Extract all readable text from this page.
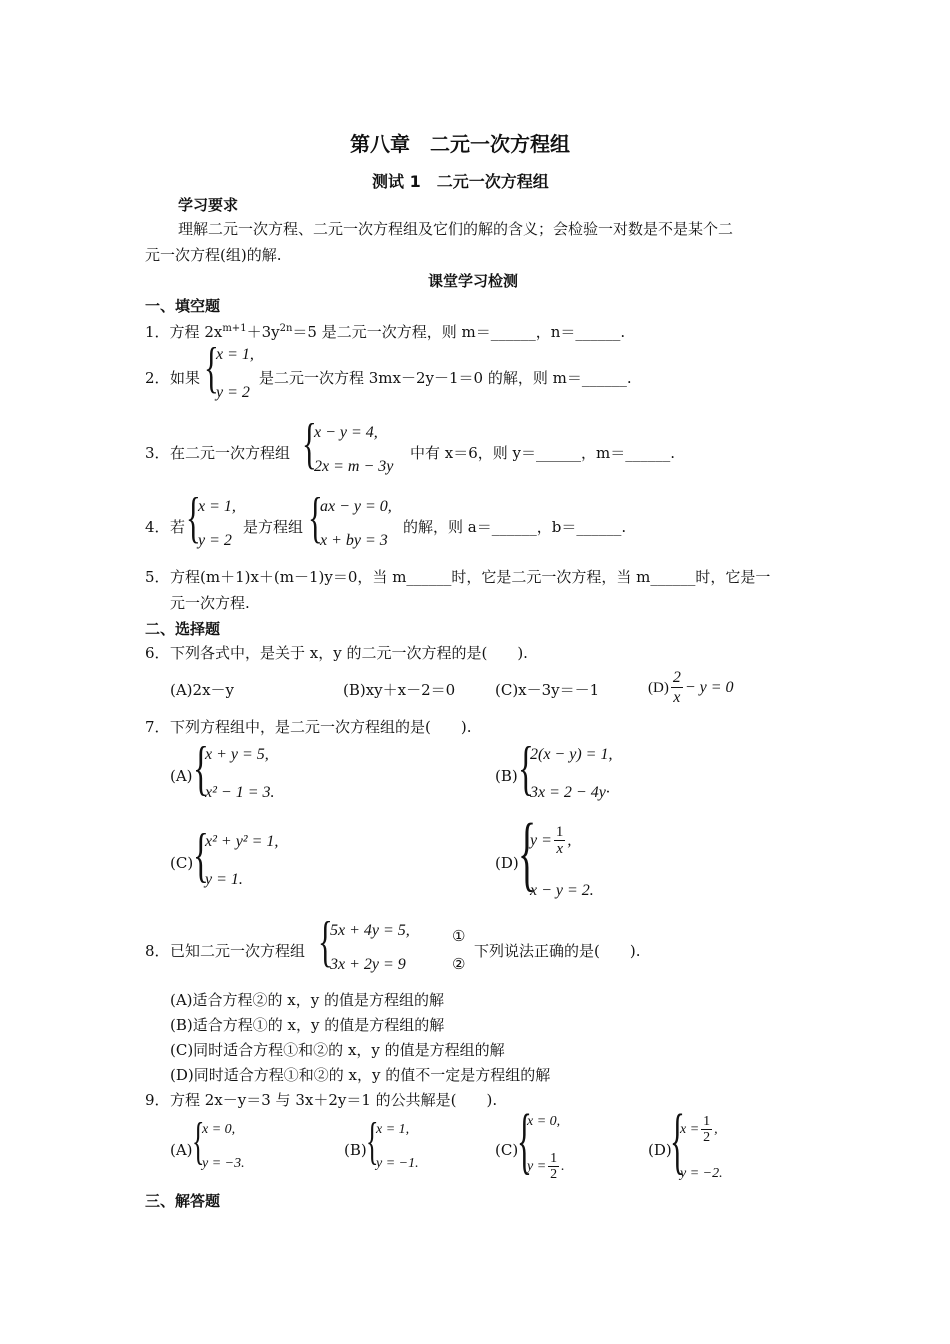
第八章　二元一次方程组
测试 1　二元一次方程组
学习要求
理解二元一次方程、二元一次方程组及它们的解的含义；会检验一对数是不是某个二
元一次方程(组)的解.
课堂学习检测
一、填空题
1．方程 $2x^{m+1}+3y^{2n}=5$ 是二元一次方程，则 m＝______，n＝______.
2． 如果 {
x = 1,
y = 2
是二元一次方程 3mx－2y－1＝0 的解，则 m＝______.
3． 在二元一次方程组 {
x − y = 4,
2x = m − 3y
中有 x＝6，则 y＝______，m＝______.
4． 若 {
x = 1,
y = 2
是方程组 {
ax − y = 0,
x + by = 3
的解，则 a＝______，b＝______.
5． 方程(m＋1)x＋(m－1)y＝0，当 m______时，它是二元一次方程，当 m______时，它是一
元一次方程.
二、选择题
6． 下列各式中，是关于 x，y 的二元一次方程的是(　　).
(A)2x－y	(B)xy＋x－2＝0	(C)x－3y＝－1	$(D) \frac{2}{x} - y = 0$
7． 下列方程组中，是二元一次方程组的是(　　).
(A) {
x + y = 5,
x² − 1 = 3.
(B) {
2(x − y) = 1,
3x = 2 − 4y·
(C) {
x² + y² = 1,
y = 1.
(D) {
$y = \frac{1}{x}$ ,
x − y = 2.
8． 已知二元一次方程组 {
5x + 4y = 5,
3x + 2y = 9
①
②
下列说法正确的是(　　).
(A)适合方程②的 x，y 的值是方程组的解
(B)适合方程①的 x，y 的值是方程组的解
(C)同时适合方程①和②的 x，y 的值是方程组的解
(D)同时适合方程①和②的 x，y 的值不一定是方程组的解
9． 方程 2x－y＝3 与 3x＋2y＝1 的公共解是(　　).
(A) {
x = 0,
y = −3.
(B) {
x = 1,
y = −1.
(C)
{
x = 0,
$y = \frac{1}{2}$ .
(D)
{
$x = \frac{1}{2}$ ,
y = −2.
三、解答题
